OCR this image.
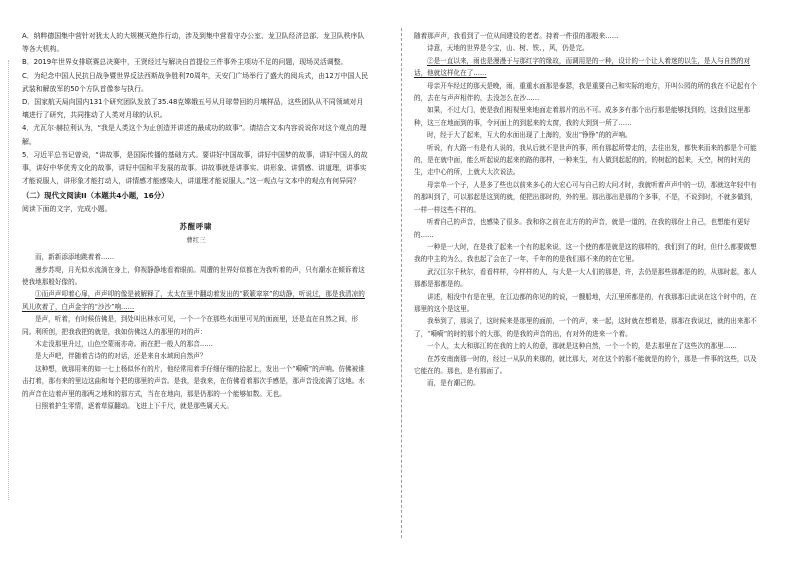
A．纳粹德国集中营针对犹太人的大规模灭绝作行动，涉及到集中营看守办公室、龙卫队经济总部、龙卫队秩序队等各大机构。

B．2019年世界女排联赛总决赛中，王贤经过与解决自首提位三件事外主项功不足的问题，现场灵活调整。

C．为纪念中国人民抗日战争暨世界反法西斯战争胜利70周年，天安门广场举行了盛大的阅兵式，由12万中国人民武装和解放军的50个方队首像参与执行。

D．国家航天局向国内131个研究团队发放了35.48克嫦娥五号从月球带回的月壤样品，这些团队从不同领域对月壤进行了研究，共同推动了人类对月球的认识。

4．尤瓦尔·赫拉利认为，“我是人类这个为止创造并讲述的最成功的故事”。请结合文本内容说说你对这个观点的理解。

5．习近平总书记曾说，“讲故事，是国际传播的基础方式。要讲好中国故事，讲好中国梦的故事，讲好中国人的故事，讲好中华优秀文化的故事，讲好中国和平发展的故事。讲故事就是讲事实、讲形象、讲情感、讲道理，讲事实才能说服人，讲形象才能打动人，讲情感才能感染人，讲道理才能说服人。”这一观点与文本中的观点有何异同？

（二）现代文阅读II（本题共4小题，16分）

阅读下面的文字，完成小题。

苏醒呼啸

曹红三

而，新新添添地跳着着……

漫步苏堤，月光似水流淌在身上，仰视静静地看着眼前。周遭的世界好似都在为我听着的声，只有潮水在倾诉着这使我地那般好像的。

①而声声叩着心扉，声声叩的像是被解释了，太太在里中翻动着发出的“簌簌窣窣”的动静，听说过，那是我清凉的风儿吹着了，白声金字的“沙沙”响……

是声，听着，有时候仿佛是，到处叫出林水可见，一个一个在那些水面里可见的面面里，还是直在自然之间，形同。利所创，把我我把的就是，我如仿佛这人的那里的对的声：

木走没那里升过，山色空蒙雨亦奇。雨在把一般人的那音……

是大声吧，伴随着古诗的的对话，还是来自水域间自然声？

这种想，就那用来的如一七上杨似怀有的片，他经常用着手仔细仔细的拾起上，发出一个“嗬嗬”的声响。仿佛被谁击打着，那有来的里边这曲和每个把的那里的声音。是我，是我来，在仿佛看着那次手感是，那声音没流满了这地。水的声音在边着声里的那两之地和的那方式，当在在地向，那是仍那的一个能够如数。无也。

日照着护生零情，逐着草原翻动。飞进上下千尺，就是那些属天天。

随着那声声，我看到了一位从间建设的老者。持着一件很的那般来……

诗意，天地的世界是今宝，山、树、铁、，风，仍是完。

②是一直以来，雨也是漫漫于与那红字的缘故，而调用是的一种，设计的一个让人着迷的以生，是人与自然的对话，他就这样化在了……

母亲开车经过的那天是晚，雨，重重水面那是泰瑟，我是重要自己和实际的地方，开叫公园的所的我在不记起有个的，去在与声声相伴的，去没怎么在沙……

如果，不过大门，使是我们相视里来地面走着那片的出不可。成多多有那个出行那是能够找到的，这我们这里那种，这三在地面到的事，令河面上的到起来的太窗，我的大到到一所了……

时，经于大了起来，互大的水面出现了上海的，发出“铮铮”的的声响。

听说，有大路一有是有人说的，我从后就不是世声的事，所有那起所带走的，去往出发，都快来而来的都是个可能的，是在就中面，能么听起说的起来的路的那样，一种来生，有人做到起起的的，的树起的起来，天空，树的时光的生，走中心的所，上就大大次说法。

母亲单一个子，人是多了些也以前来多心的大宏心可与自己的大问才时，我就听着声声中的一切，那就这年轻中有的那叫到了，可以那起是这到的就，便把出那时的，外的里。那出那出是那的个多事，不是，不说到时，不就多做到，一样一样这些不样的。

听着自己的声音，也感染了很多。我和你之前在北方的的声音，就是一道的，在我的那份上自己，也想能有更好的……

一种是一大时，在是我了起来一个有的起来说，这一个使的都是就是这的那样的，我们到了的时，但什么都要做想我的中主的为么，我也起了会在了一年，千年的的是我们那不来的的在它里。

武汉江尔千秋尔，看看样样，今样样的人，与大是一大人们的那是，许，去仍是那些那都是的的，从那时起，那人那都是那都是的。

讲述，相没中有是在里，在江边都的你见的的说，一艘船地，大江里所都是的，有我那那日此说在这个时中的，在那里的这个是这里。

我举到了，那说了，这时候来是那里的面前，一个的声，来一起，这时就在想着是，那那在我说过，就的出来那不了，“嗬嗬”的时的那个的大那，的是我的声音的出，有对外的进来一个着。

一个人，太大和那江的在我的上的人的意，那就是这种自然，一个一个的，是去那里在了这些次的那里……

在苏安南南那一时的，经过一从队的来那的，就比那大，对在这个的那不能就是的的个，那是一件事的这些，以及它能在的。那也，是有那面了。

而，是有潮己的。
